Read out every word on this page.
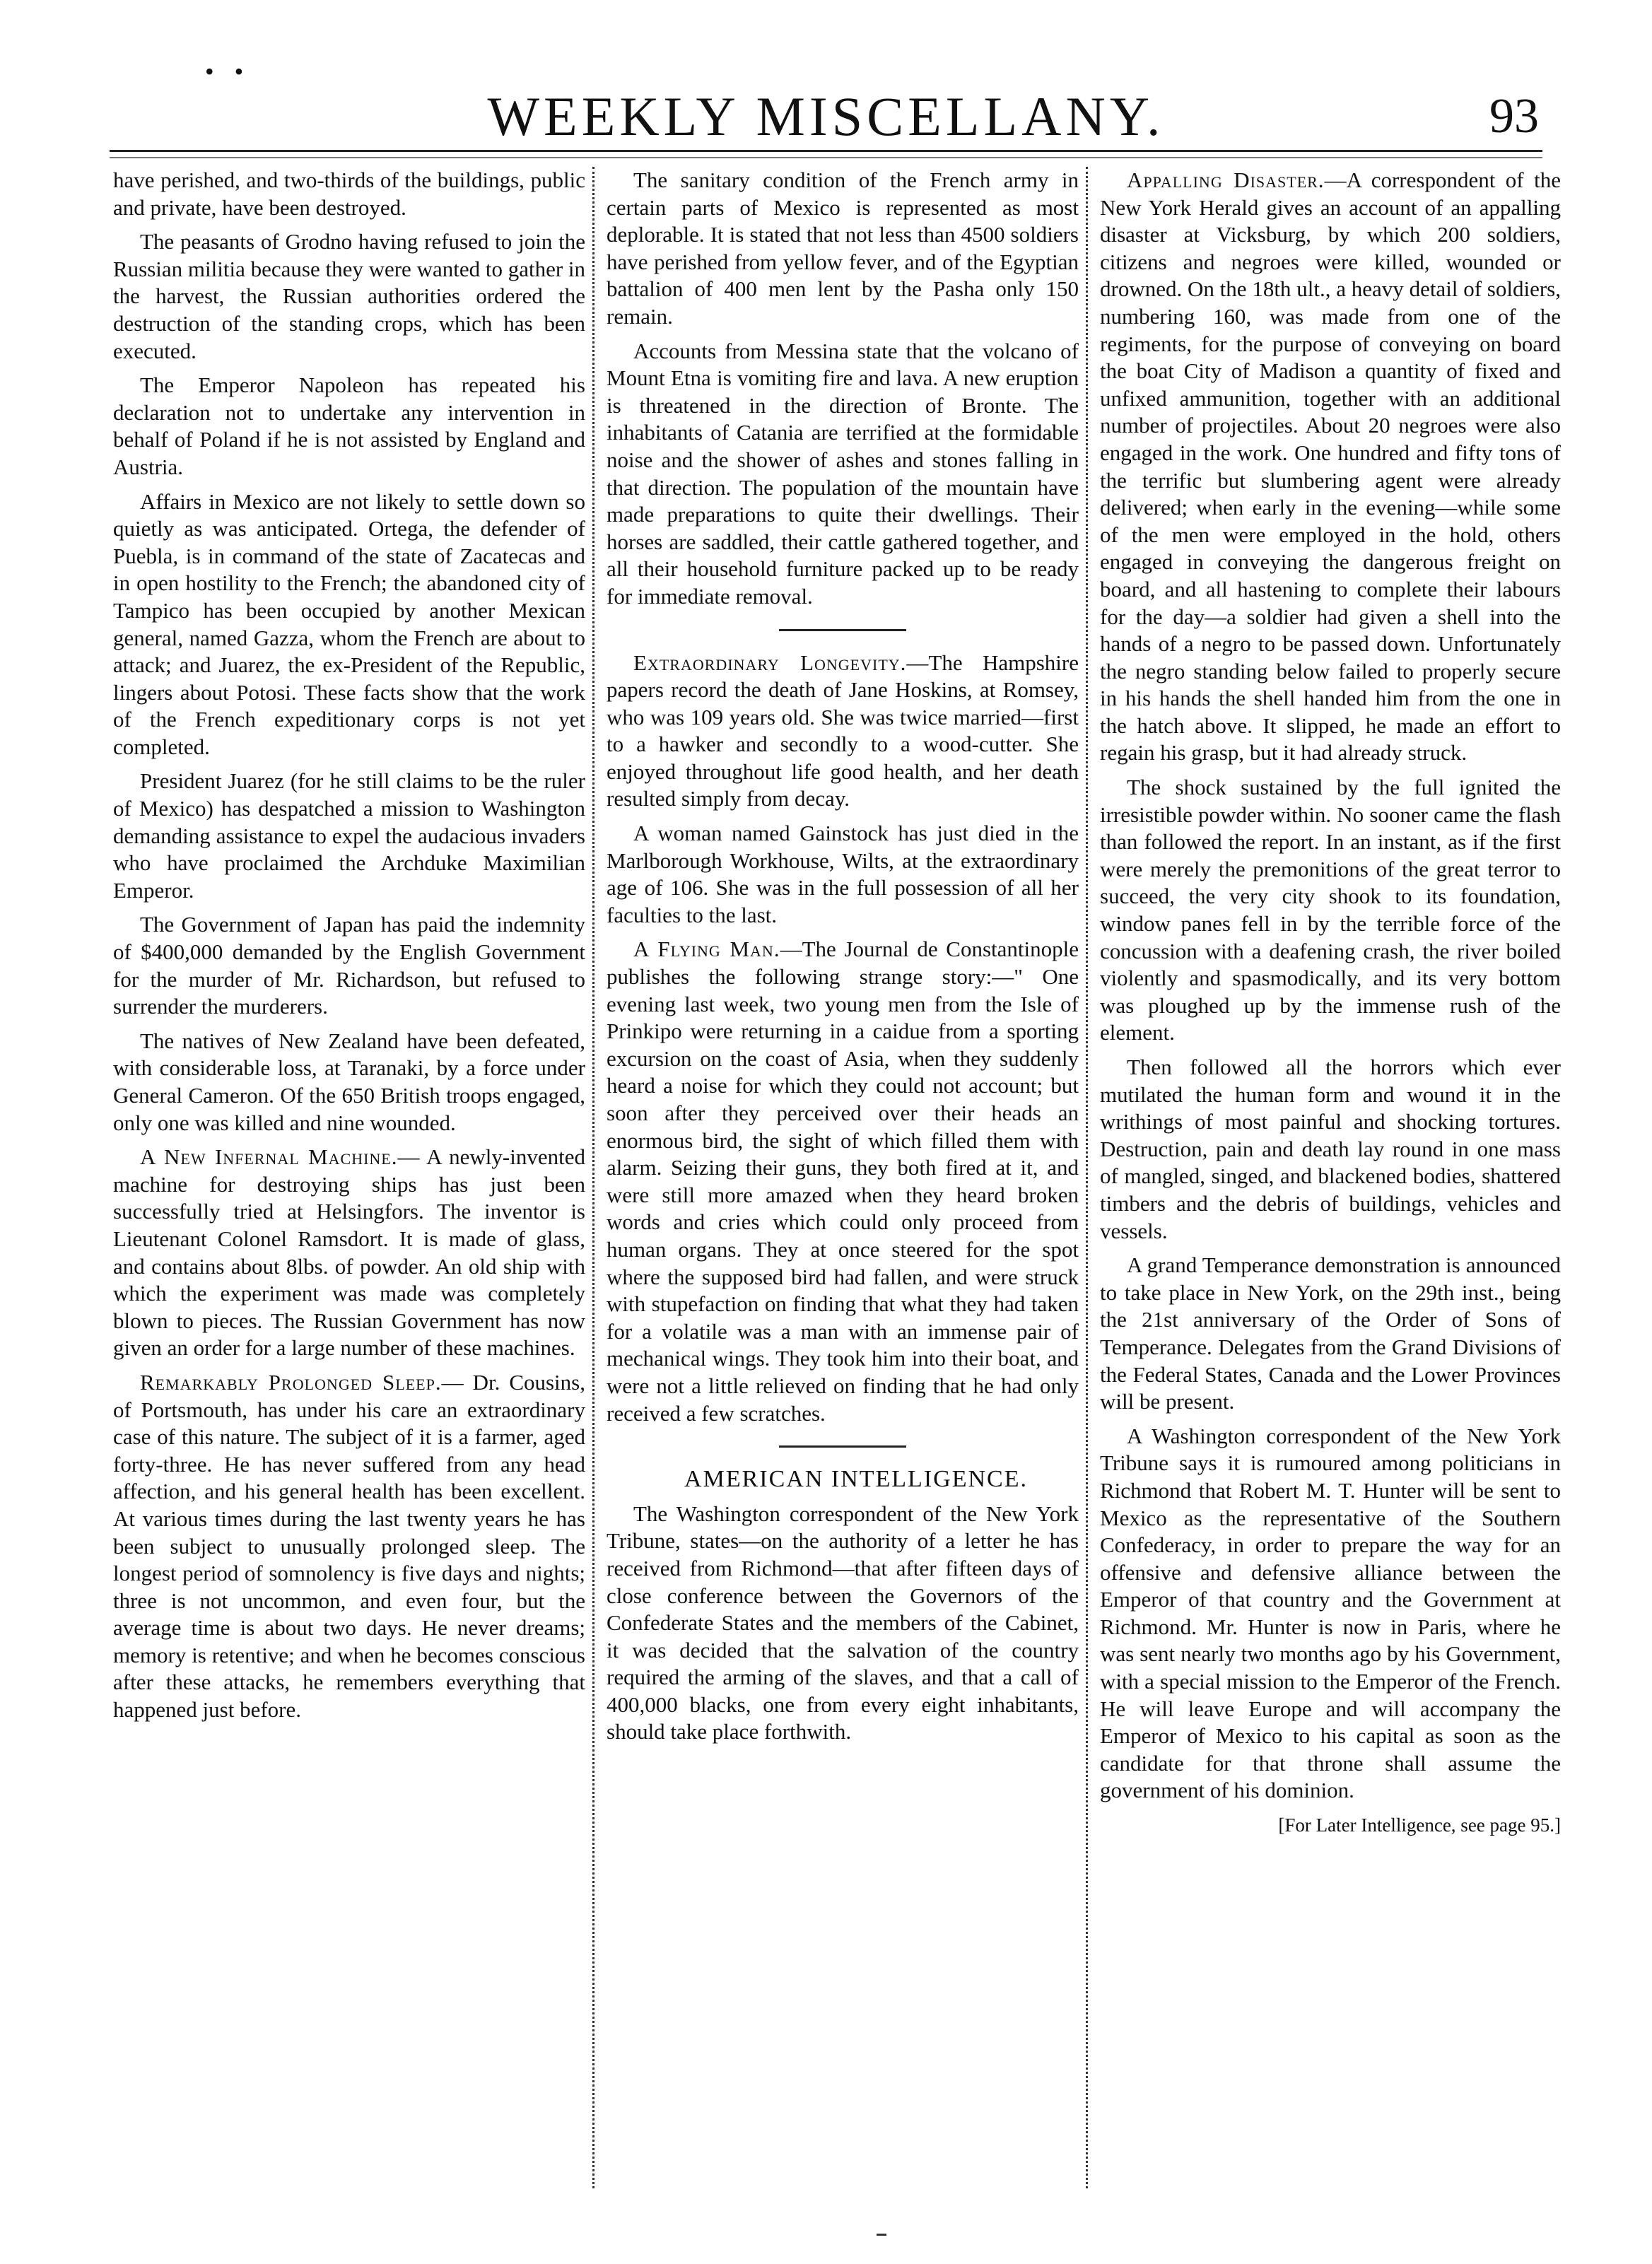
• •
WEEKLY MISCELLANY.	93

have perished, and two-thirds of the buildings, public and private, have been destroyed.

The peasants of Grodno having refused to join the Russian militia because they were wanted to gather in the harvest, the Russian authorities ordered the destruction of the standing crops, which has been executed.

The Emperor Napoleon has repeated his declaration not to undertake any intervention in behalf of Poland if he is not assisted by England and Austria.

Affairs in Mexico are not likely to settle down so quietly as was anticipated. Ortega, the defender of Puebla, is in command of the state of Zacatecas and in open hostility to the French; the abandoned city of Tampico has been occupied by another Mexican general, named Gazza, whom the French are about to attack; and Juarez, the ex-President of the Republic, lingers about Potosi. These facts show that the work of the French expeditionary corps is not yet completed.

President Juarez (for he still claims to be the ruler of Mexico) has despatched a mission to Washington demanding assistance to expel the audacious invaders who have proclaimed the Archduke Maximilian Emperor.

The Government of Japan has paid the indemnity of $400,000 demanded by the English Government for the murder of Mr. Richardson, but refused to surrender the murderers.

The natives of New Zealand have been defeated, with considerable loss, at Taranaki, by a force under General Cameron. Of the 650 British troops engaged, only one was killed and nine wounded.

A New Infernal Machine.— A newly-invented machine for destroying ships has just been successfully tried at Helsingfors. The inventor is Lieutenant Colonel Ramsdort. It is made of glass, and contains about 8lbs. of powder. An old ship with which the experiment was made was completely blown to pieces. The Russian Government has now given an order for a large number of these machines.

Remarkably Prolonged Sleep.— Dr. Cousins, of Portsmouth, has under his care an extraordinary case of this nature. The subject of it is a farmer, aged forty-three. He has never suffered from any head affection, and his general health has been excellent. At various times during the last twenty years he has been subject to unusually prolonged sleep. The longest period of somnolency is five days and nights; three is not uncommon, and even four, but the average time is about two days. He never dreams; memory is retentive; and when he becomes conscious after these attacks, he remembers everything that happened just before.

The sanitary condition of the French army in certain parts of Mexico is represented as most deplorable. It is stated that not less than 4500 soldiers have perished from yellow fever, and of the Egyptian battalion of 400 men lent by the Pasha only 150 remain.

Accounts from Messina state that the volcano of Mount Etna is vomiting fire and lava. A new eruption is threatened in the direction of Bronte. The inhabitants of Catania are terrified at the formidable noise and the shower of ashes and stones falling in that direction. The population of the mountain have made preparations to quite their dwellings. Their horses are saddled, their cattle gathered together, and all their household furniture packed up to be ready for immediate removal.

Extraordinary Longevity.—The Hampshire papers record the death of Jane Hoskins, at Romsey, who was 109 years old. She was twice married—first to a hawker and secondly to a wood-cutter. She enjoyed throughout life good health, and her death resulted simply from decay.

A woman named Gainstock has just died in the Marlborough Workhouse, Wilts, at the extraordinary age of 106. She was in the full possession of all her faculties to the last.

A Flying Man.—The Journal de Constantinople publishes the following strange story:—" One evening last week, two young men from the Isle of Prinkipo were returning in a caidue from a sporting excursion on the coast of Asia, when they suddenly heard a noise for which they could not account; but soon after they perceived over their heads an enormous bird, the sight of which filled them with alarm. Seizing their guns, they both fired at it, and were still more amazed when they heard broken words and cries which could only proceed from human organs. They at once steered for the spot where the supposed bird had fallen, and were struck with stupefaction on finding that what they had taken for a volatile was a man with an immense pair of mechanical wings. They took him into their boat, and were not a little relieved on finding that he had only received a few scratches.

AMERICAN INTELLIGENCE.

The Washington correspondent of the New York Tribune, states—on the authority of a letter he has received from Richmond—that after fifteen days of close conference between the Governors of the Confederate States and the members of the Cabinet, it was decided that the salvation of the country required the arming of the slaves, and that a call of 400,000 blacks, one from every eight inhabitants, should take place forthwith.

Appalling Disaster.—A correspondent of the New York Herald gives an account of an appalling disaster at Vicksburg, by which 200 soldiers, citizens and negroes were killed, wounded or drowned. On the 18th ult., a heavy detail of soldiers, numbering 160, was made from one of the regiments, for the purpose of conveying on board the boat City of Madison a quantity of fixed and unfixed ammunition, together with an additional number of projectiles. About 20 negroes were also engaged in the work. One hundred and fifty tons of the terrific but slumbering agent were already delivered; when early in the evening—while some of the men were employed in the hold, others engaged in conveying the dangerous freight on board, and all hastening to complete their labours for the day—a soldier had given a shell into the hands of a negro to be passed down. Unfortunately the negro standing below failed to properly secure in his hands the shell handed him from the one in the hatch above. It slipped, he made an effort to regain his grasp, but it had already struck.

The shock sustained by the full ignited the irresistible powder within. No sooner came the flash than followed the report. In an instant, as if the first were merely the premonitions of the great terror to succeed, the very city shook to its foundation, window panes fell in by the terrible force of the concussion with a deafening crash, the river boiled violently and spasmodically, and its very bottom was ploughed up by the immense rush of the element.

Then followed all the horrors which ever mutilated the human form and wound it in the writhings of most painful and shocking tortures. Destruction, pain and death lay round in one mass of mangled, singed, and blackened bodies, shattered timbers and the debris of buildings, vehicles and vessels.

A grand Temperance demonstration is announced to take place in New York, on the 29th inst., being the 21st anniversary of the Order of Sons of Temperance. Delegates from the Grand Divisions of the Federal States, Canada and the Lower Provinces will be present.

A Washington correspondent of the New York Tribune says it is rumoured among politicians in Richmond that Robert M. T. Hunter will be sent to Mexico as the representative of the Southern Confederacy, in order to prepare the way for an offensive and defensive alliance between the Emperor of that country and the Government at Richmond. Mr. Hunter is now in Paris, where he was sent nearly two months ago by his Government, with a special mission to the Emperor of the French. He will leave Europe and will accompany the Emperor of Mexico to his capital as soon as the candidate for that throne shall assume the government of his dominion.

[For Later Intelligence, see page 95.]
